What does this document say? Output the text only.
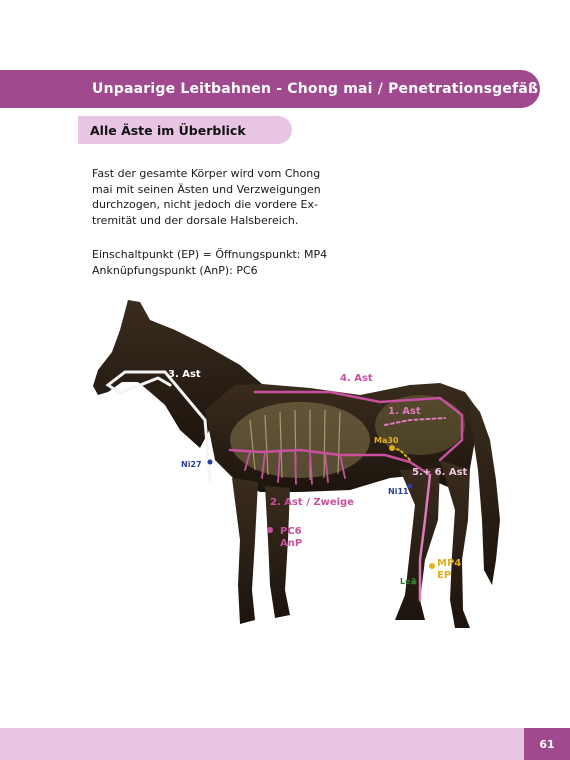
Unpaarige Leitbahnen - Chong mai / Penetrationsgefäß
Alle Äste im Überblick
Fast der gesamte Körper wird vom Chong
mai mit seinen Ästen und Verzweigungen
durchzogen, nicht jedoch die vordere Ex-
tremität und der dorsale Halsbereich.
Einschaltpunkt (EP) = Öffnungspunkt: MP4
Anknüpfungspunkt (AnP): PC6
3. Ast	4. Ast
1. Ast
2. Ast / Zweige
5.+ 6. Ast
Ni27
Ma30
Ni11
PC6
AnP
MP4
EP
Le3
61
